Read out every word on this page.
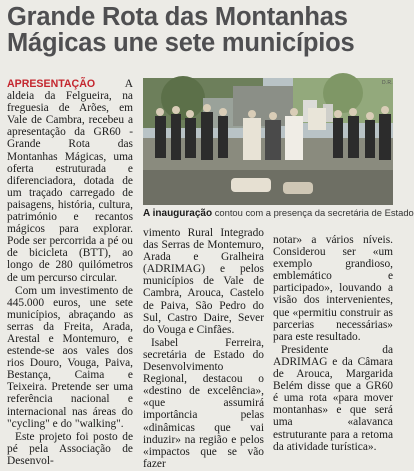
Grande Rota das Montanhas
Mágicas une sete municípios

APRESENTAÇÃO A aldeia da Felgueira, na freguesia de Arões, em Vale de Cambra, recebeu a apresentação da GR60 - Grande Rota das Montanhas Mágicas, uma oferta estruturada e diferenciadora, dotada de um traçado carregado de paisagens, história, cultura, património e recantos mágicos para explorar. Pode ser percorrida a pé ou de bicicleta (BTT), ao longo de 280 quilómetros de um percurso circular.

Com um investimento de 445.000 euros, une sete municípios, abraçando as serras da Freita, Arada, Arestal e Montemuro, e estende-se aos vales dos rios Douro, Vouga, Paiva, Bestança, Caima e Teixeira. Pretende ser uma referência nacional e internacional nas áreas do "cycling" e do "walking".

Este projeto foi posto de pé pela Associação de Desenvol-

D.R.
A inauguração contou com a presença da secretária de Estado

vimento Rural Integrado das Serras de Montemuro, Arada e Gralheira (ADRIMAG) e pelos municípios de Vale de Cambra, Arouca, Castelo de Paiva, São Pedro do Sul, Castro Daire, Sever do Vouga e Cinfães.

Isabel Ferreira, secretária de Estado do Desenvolvimento Regional, destacou o «destino de excelência», «que assumirá importância pelas «dinâmicas que vai induzir» na região e pelos «impactos que se vão fazer

notar» a vários níveis. Considerou ser «um exemplo grandioso, emblemático e participado», louvando a visão dos intervenientes, que «permitiu construir as parcerias necessárias» para este resultado.

Presidente da ADRIMAG e da Câmara de Arouca, Margarida Belém disse que a GR60 é uma rota «para mover montanhas» e que será uma «alavanca estruturante para a retoma da atividade turística».
